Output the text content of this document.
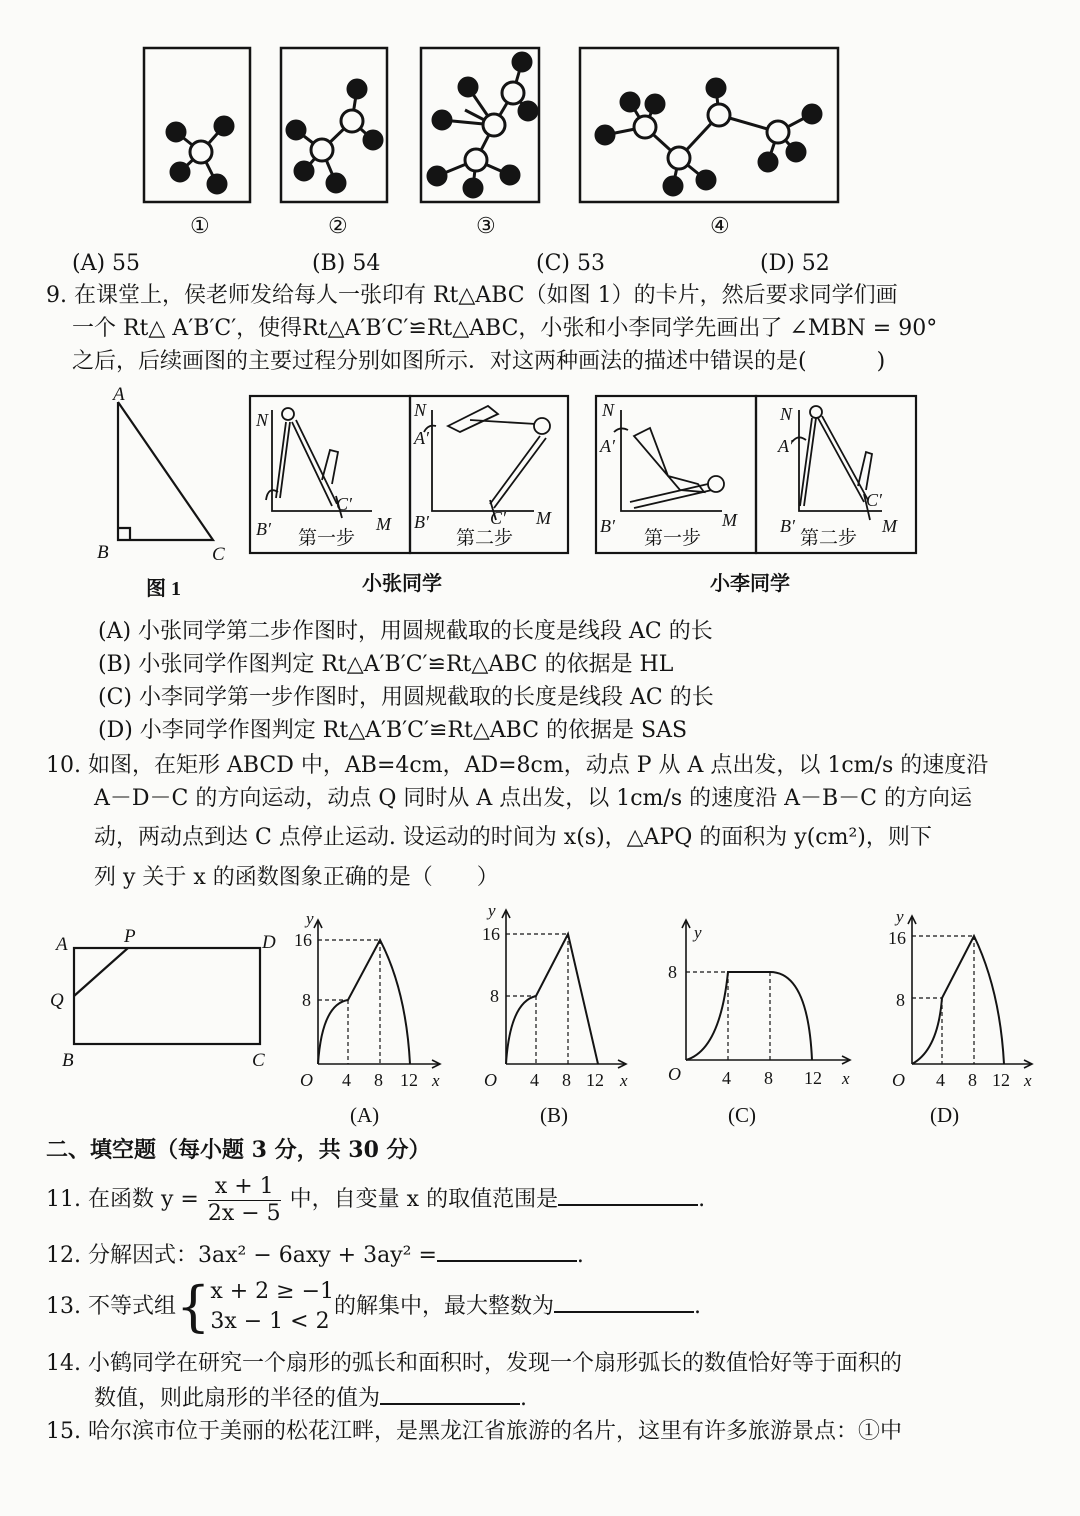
①	②	③	④
(A) 55	(B) 54	(C) 53	(D) 52
9. 在课堂上，侯老师发给每人一张印有 Rt△ABC（如图 1）的卡片，然后要求同学们画
一个 Rt△ A′B′C′，使得Rt△A′B′C′≌Rt△ABC，小张和小李同学先画出了 ∠MBN = 90°
之后，后续画图的主要过程分别如图所示．对这两种画法的描述中错误的是(	)
A
B	C
图 1
N
B′	M
C′
第一步
N
A′
B′	M
C′
第二步
小张同学
N
A′
B′	M
第一步
N
A′
B′	M
C′
第二步
小李同学
(A) 小张同学第二步作图时，用圆规截取的长度是线段 AC 的长
(B) 小张同学作图判定 Rt△A′B′C′≌Rt△ABC 的依据是 HL
(C) 小李同学第一步作图时，用圆规截取的长度是线段 AC 的长
(D) 小李同学作图判定 Rt△A′B′C′≌Rt△ABC 的依据是 SAS
10. 如图，在矩形 ABCD 中，AB=4cm，AD=8cm，动点 P 从 A 点出发，以 1cm/s 的速度沿
A－D－C 的方向运动，动点 Q 同时从 A 点出发，以 1cm/s 的速度沿 A－B－C 的方向运
动，两动点到达 C 点停止运动. 设运动的时间为 x(s)，△APQ 的面积为 y(cm²)，则下
列 y 关于 x 的函数图象正确的是（　　）
A	P	D
Q
B	C
y
16
8
O 4 8 12 x
(A)
y
16
8
O 4 8 12 x
(B)
y
8
O 4 8 12 x
(C)
y
16
8
O 4 8 12 x
(D)
二、填空题（每小题 3 分，共 30 分）
11. 在函数 $y = \frac{x + 1}{2x - 5}$ 中，自变量 x 的取值范围是	.
12. 分解因式：3ax² − 6axy + 3ay² =	.
13. 不等式组{ x + 2 ≥ −1
3x − 1 < 2
的解集中，最大整数为	.
14. 小鹤同学在研究一个扇形的弧长和面积时，发现一个扇形弧长的数值恰好等于面积的
数值，则此扇形的半径的值为	.
15. 哈尔滨市位于美丽的松花江畔，是黑龙江省旅游的名片，这里有许多旅游景点：①中
